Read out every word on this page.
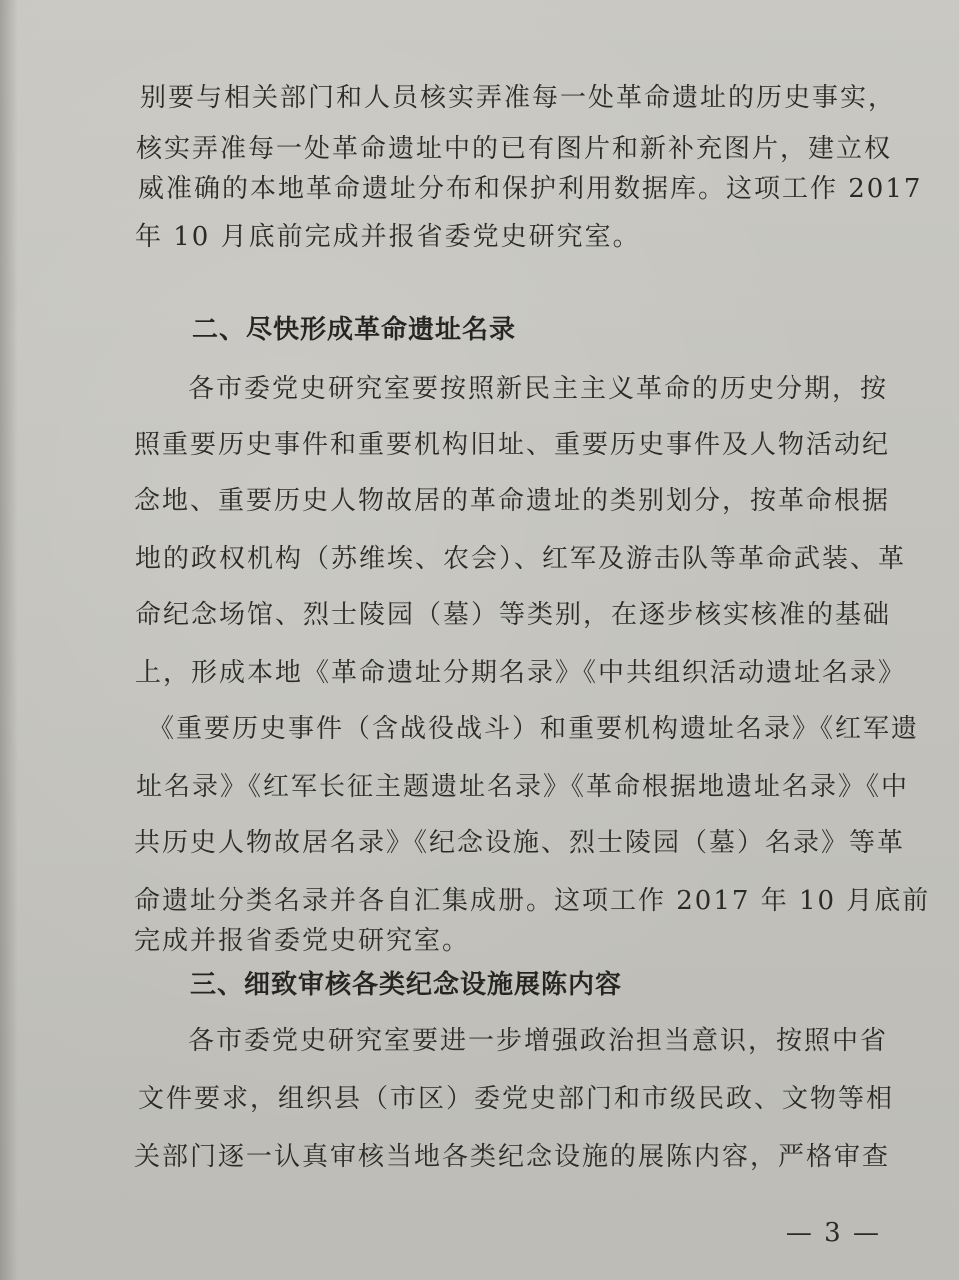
别要与相关部门和人员核实弄准每一处革命遗址的历史事实，
核实弄准每一处革命遗址中的已有图片和新补充图片，建立权
威准确的本地革命遗址分布和保护利用数据库。这项工作 2017
年 10 月底前完成并报省委党史研究室。
二、尽快形成革命遗址名录
各市委党史研究室要按照新民主主义革命的历史分期，按
照重要历史事件和重要机构旧址、重要历史事件及人物活动纪
念地、重要历史人物故居的革命遗址的类别划分，按革命根据
地的政权机构（苏维埃、农会）、红军及游击队等革命武装、革
命纪念场馆、烈士陵园（墓）等类别，在逐步核实核准的基础
上，形成本地《革命遗址分期名录》《中共组织活动遗址名录》
《重要历史事件（含战役战斗）和重要机构遗址名录》《红军遗
址名录》《红军长征主题遗址名录》《革命根据地遗址名录》《中
共历史人物故居名录》《纪念设施、烈士陵园（墓）名录》等革
命遗址分类名录并各自汇集成册。这项工作 2017 年 10 月底前
完成并报省委党史研究室。
三、细致审核各类纪念设施展陈内容
各市委党史研究室要进一步增强政治担当意识，按照中省
文件要求，组织县（市区）委党史部门和市级民政、文物等相
关部门逐一认真审核当地各类纪念设施的展陈内容，严格审查
— 3 —
